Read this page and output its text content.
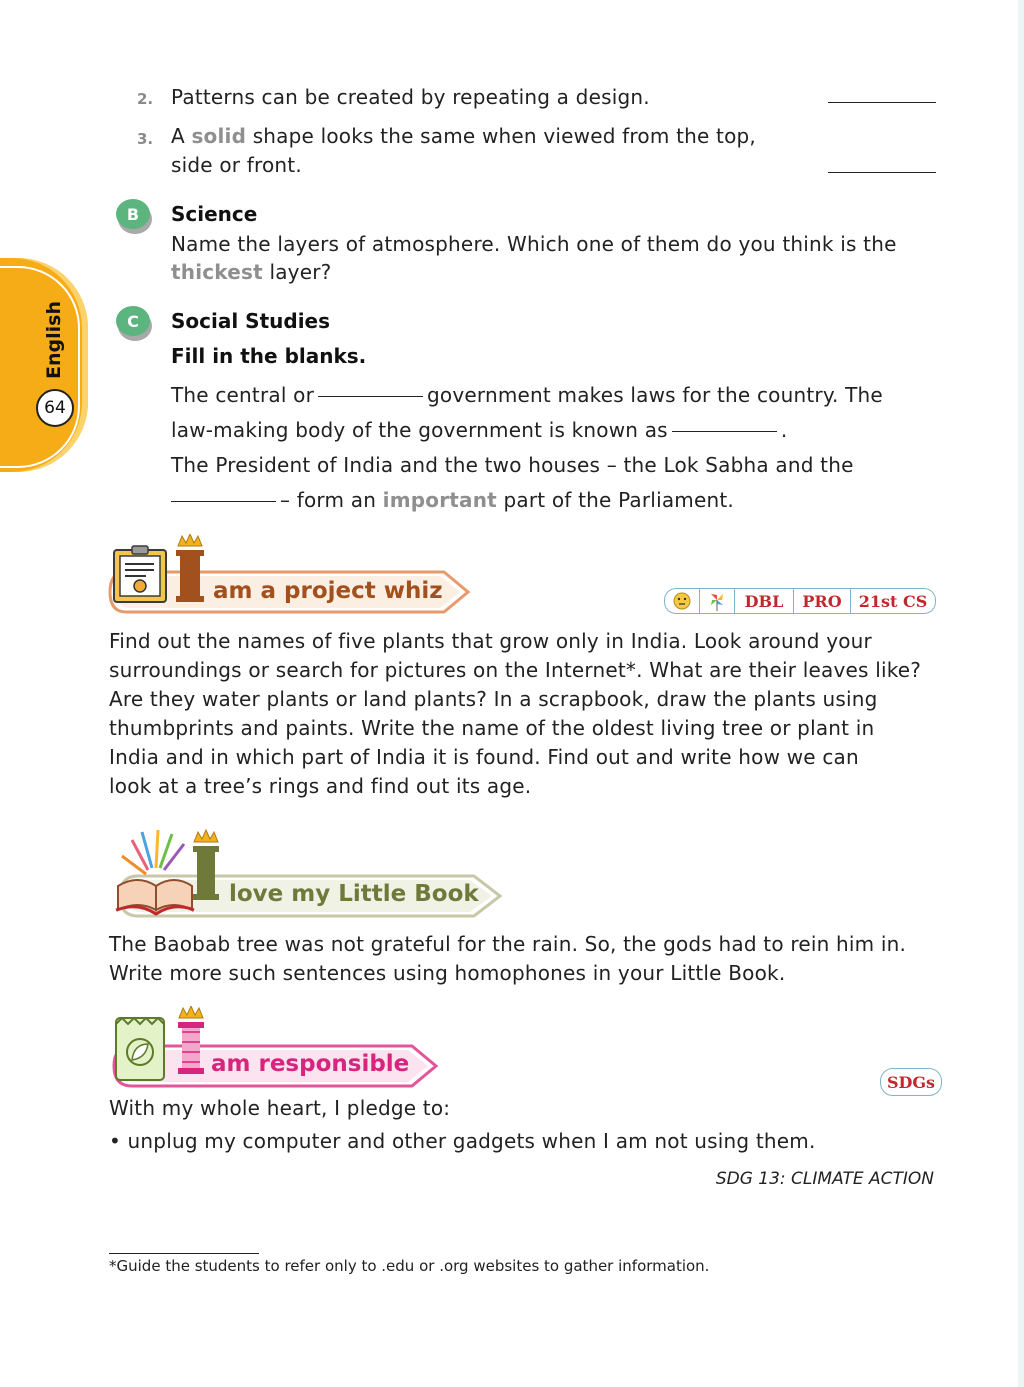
English
64
2. Patterns can be created by repeating a design.
3. A solid shape looks the same when viewed from the top,
side or front.
B	Science
Name the layers of atmosphere. Which one of them do you think is the
thickest layer?
C	Social Studies
Fill in the blanks.
The central or	government makes laws for the country. The
law-making body of the government is known as	.
The President of India and the two houses – the Lok Sabha and the
– form an important part of the Parliament.
am a project whiz	DBL	PRO	21st CS
Find out the names of five plants that grow only in India. Look around your
surroundings or search for pictures on the Internet*. What are their leaves like?
Are they water plants or land plants? In a scrapbook, draw the plants using
thumbprints and paints. Write the name of the oldest living tree or plant in
India and in which part of India it is found. Find out and write how we can
look at a tree’s rings and find out its age.
love my Little Book
The Baobab tree was not grateful for the rain. So, the gods had to rein him in.
Write more such sentences using homophones in your Little Book.
am responsible
SDGs
With my whole heart, I pledge to:
• unplug my computer and other gadgets when I am not using them.
SDG 13: CLIMATE ACTION
*Guide the students to refer only to .edu or .org websites to gather information.
